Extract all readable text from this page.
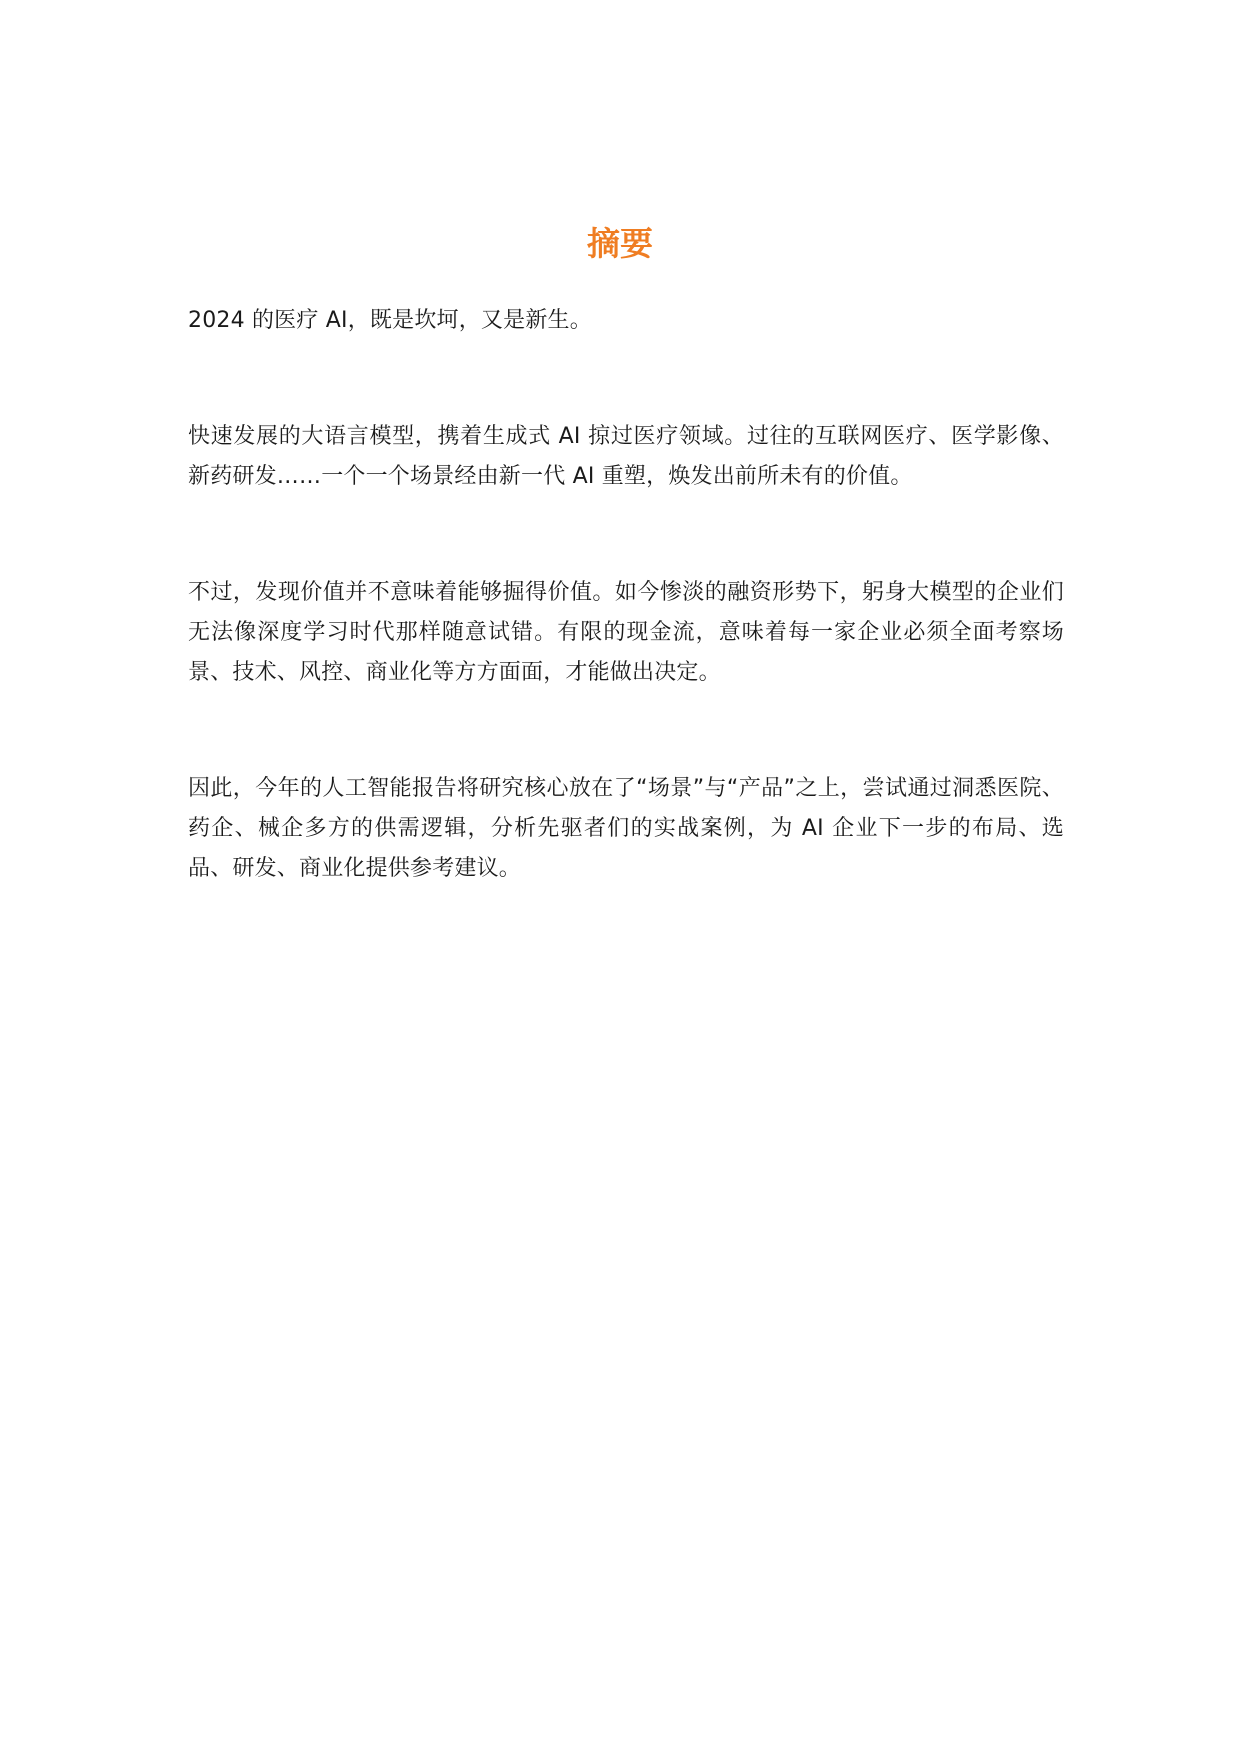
摘要

2024 的医疗 AI，既是坎坷，又是新生。

快速发展的大语言模型，携着生成式 AI 掠过医疗领域。过往的互联网医疗、医学影像、新药研发……一个一个场景经由新一代 AI 重塑，焕发出前所未有的价值。

不过，发现价值并不意味着能够掘得价值。如今惨淡的融资形势下，躬身大模型的企业们无法像深度学习时代那样随意试错。有限的现金流，意味着每一家企业必须全面考察场景、技术、风控、商业化等方方面面，才能做出决定。

因此，今年的人工智能报告将研究核心放在了“场景”与“产品”之上，尝试通过洞悉医院、药企、械企多方的供需逻辑，分析先驱者们的实战案例，为 AI 企业下一步的布局、选品、研发、商业化提供参考建议。
